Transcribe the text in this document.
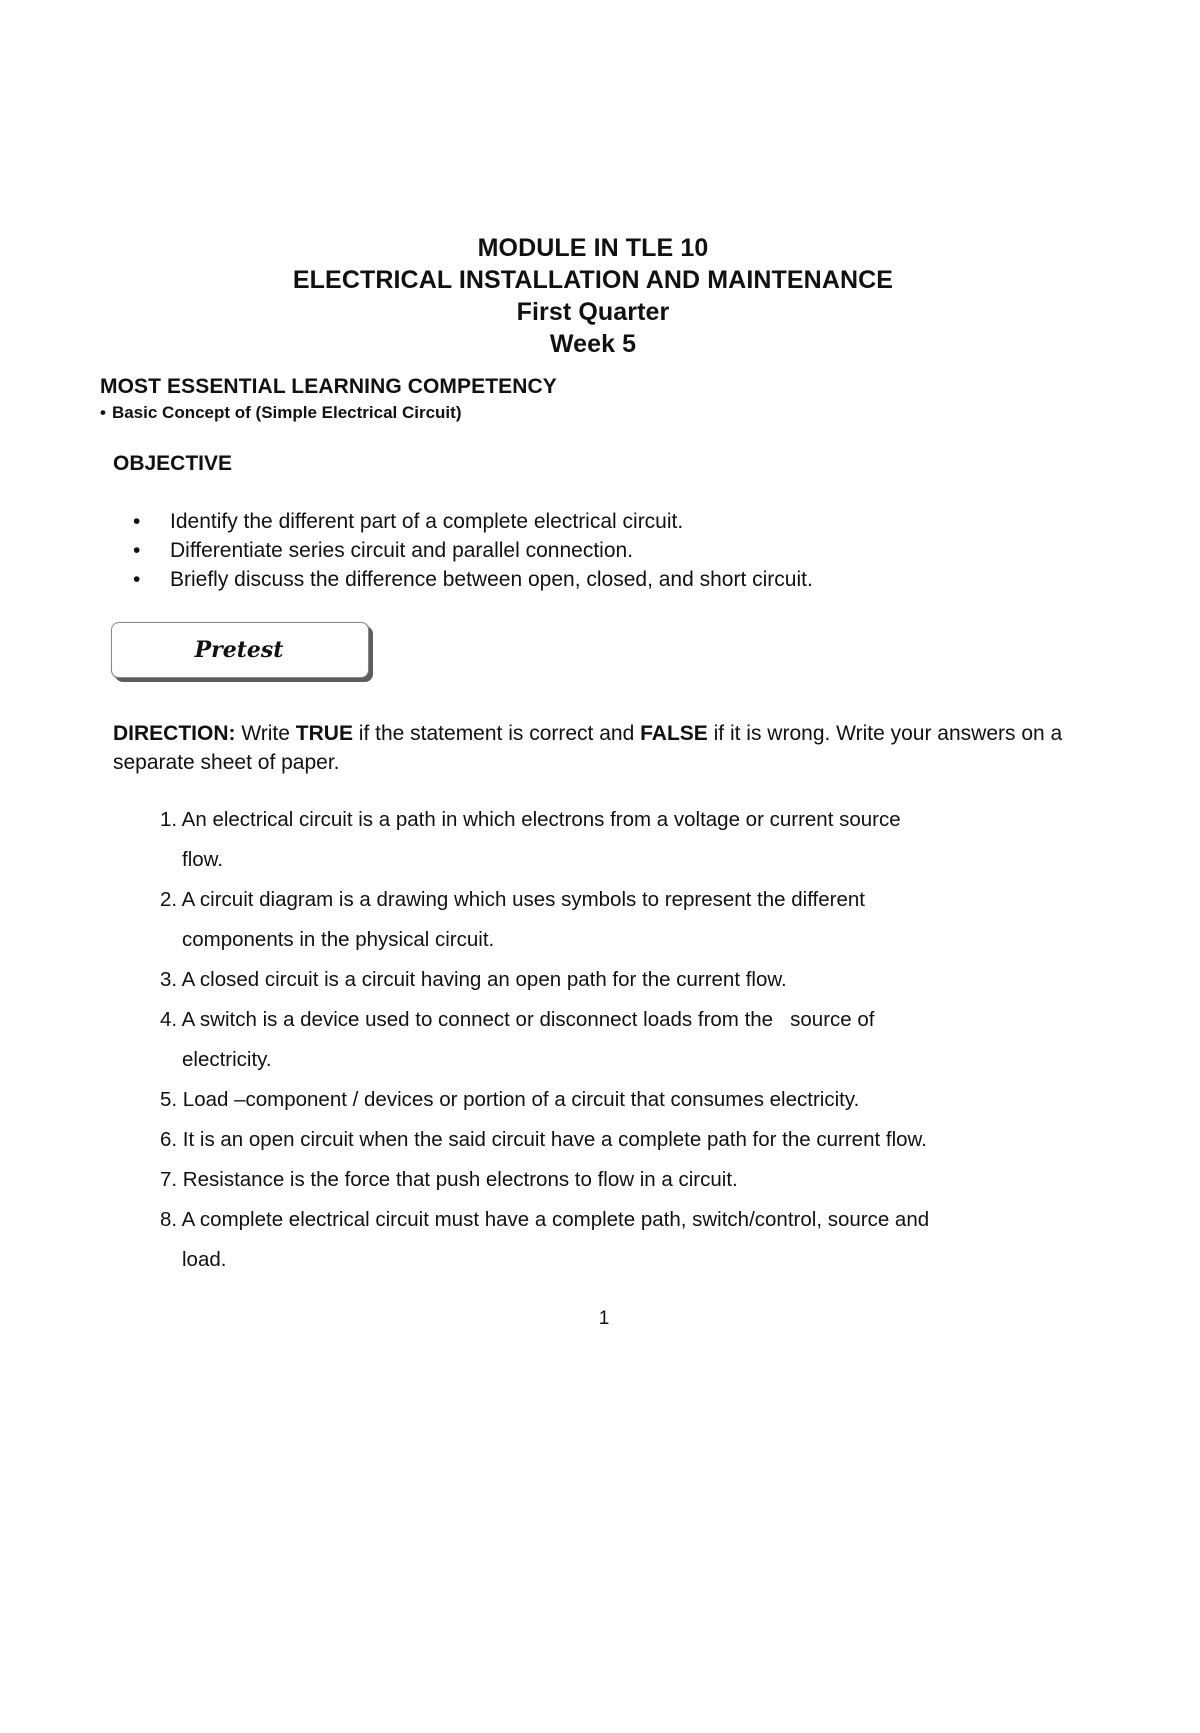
MODULE IN TLE 10
ELECTRICAL INSTALLATION AND MAINTENANCE
First Quarter
Week 5
MOST ESSENTIAL LEARNING COMPETENCY
• Basic Concept of (Simple Electrical Circuit)
OBJECTIVE
• Identify the different part of a complete electrical circuit.
• Differentiate series circuit and parallel connection.
• Briefly discuss the difference between open, closed, and short circuit.
Pretest
DIRECTION: Write TRUE if the statement is correct and FALSE if it is wrong. Write your answers on a separate sheet of paper.
1. An electrical circuit is a path in which electrons from a voltage or current source
flow.
2. A circuit diagram is a drawing which uses symbols to represent the different
components in the physical circuit.
3. A closed circuit is a circuit having an open path for the current flow.
4. A switch is a device used to connect or disconnect loads from the   source of
electricity.
5. Load –component / devices or portion of a circuit that consumes electricity.
6. It is an open circuit when the said circuit have a complete path for the current flow.
7. Resistance is the force that push electrons to flow in a circuit.
8. A complete electrical circuit must have a complete path, switch/control, source and
load.
1
